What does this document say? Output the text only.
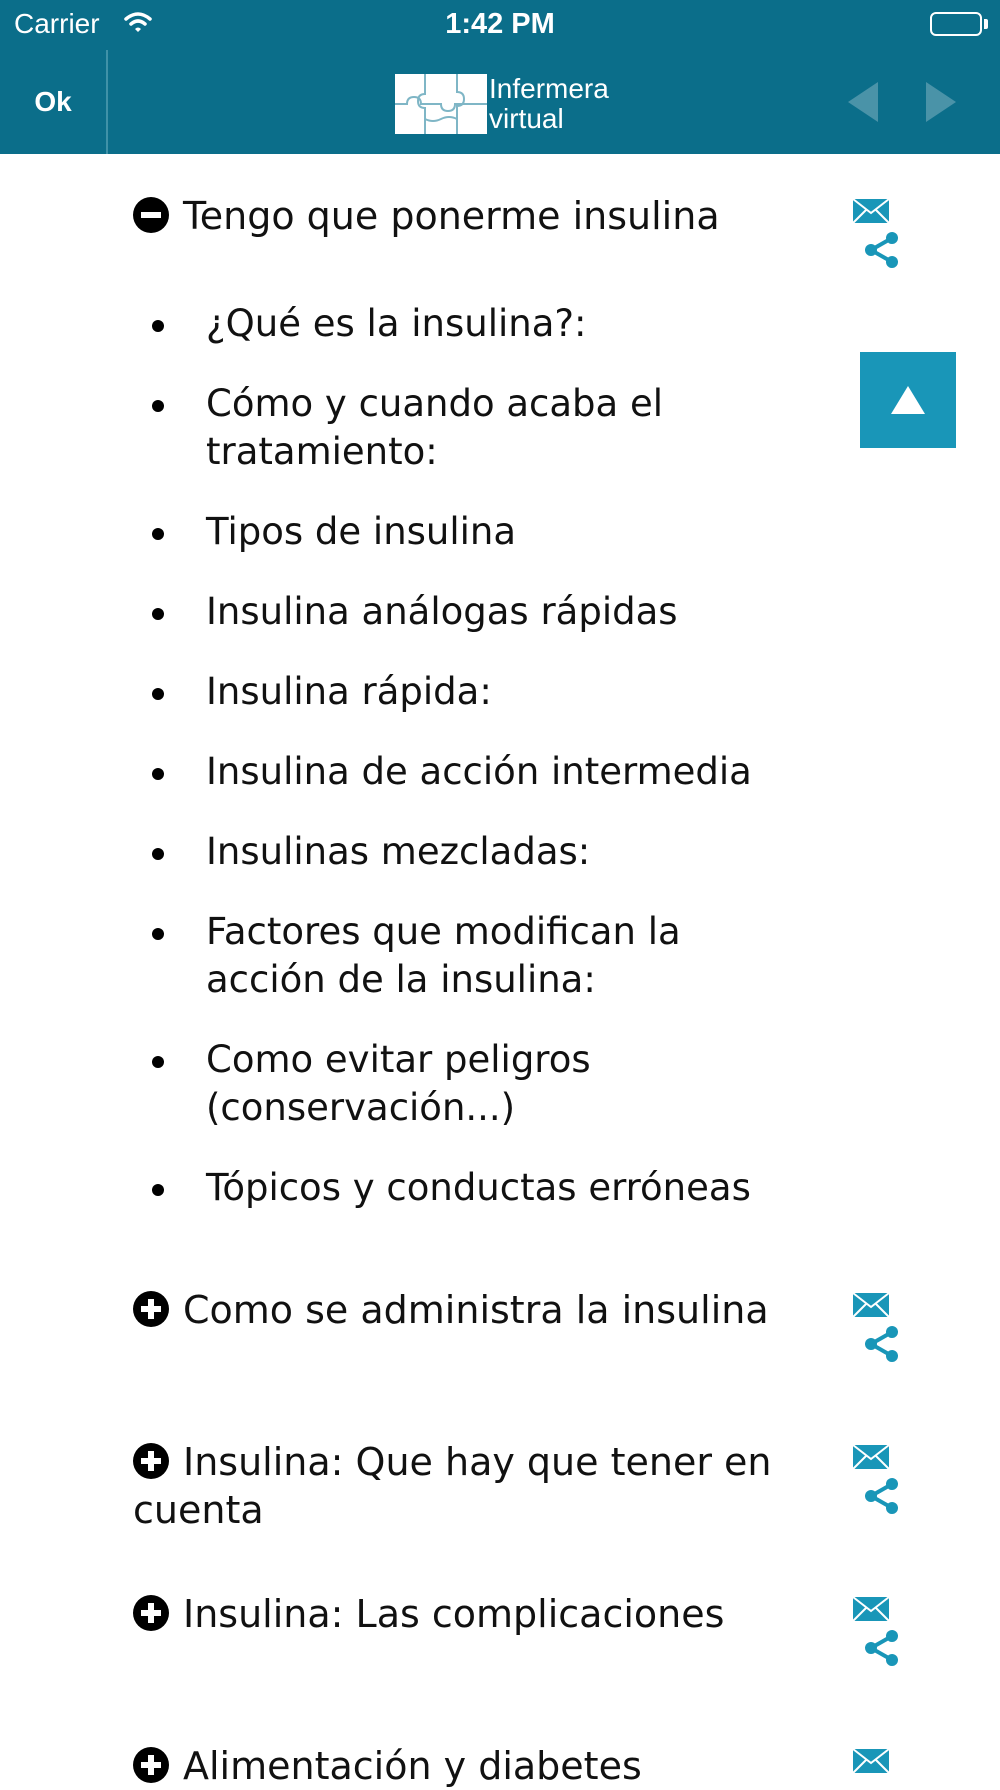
Carrier	1:42 PM
Ok	Infermera
virtual
Tengo que ponerme insulina
¿Qué es la insulina?:
Cómo y cuando acaba el tratamiento:
Tipos de insulina
Insulina análogas rápidas
Insulina rápida:
Insulina de acción intermedia
Insulinas mezcladas:
Factores que modifican la acción de la insulina:
Como evitar peligros (conservación...)
Tópicos y conductas erróneas
Como se administra la insulina
Insulina: Que hay que tener en cuenta
Insulina: Las complicaciones
Alimentación y diabetes
